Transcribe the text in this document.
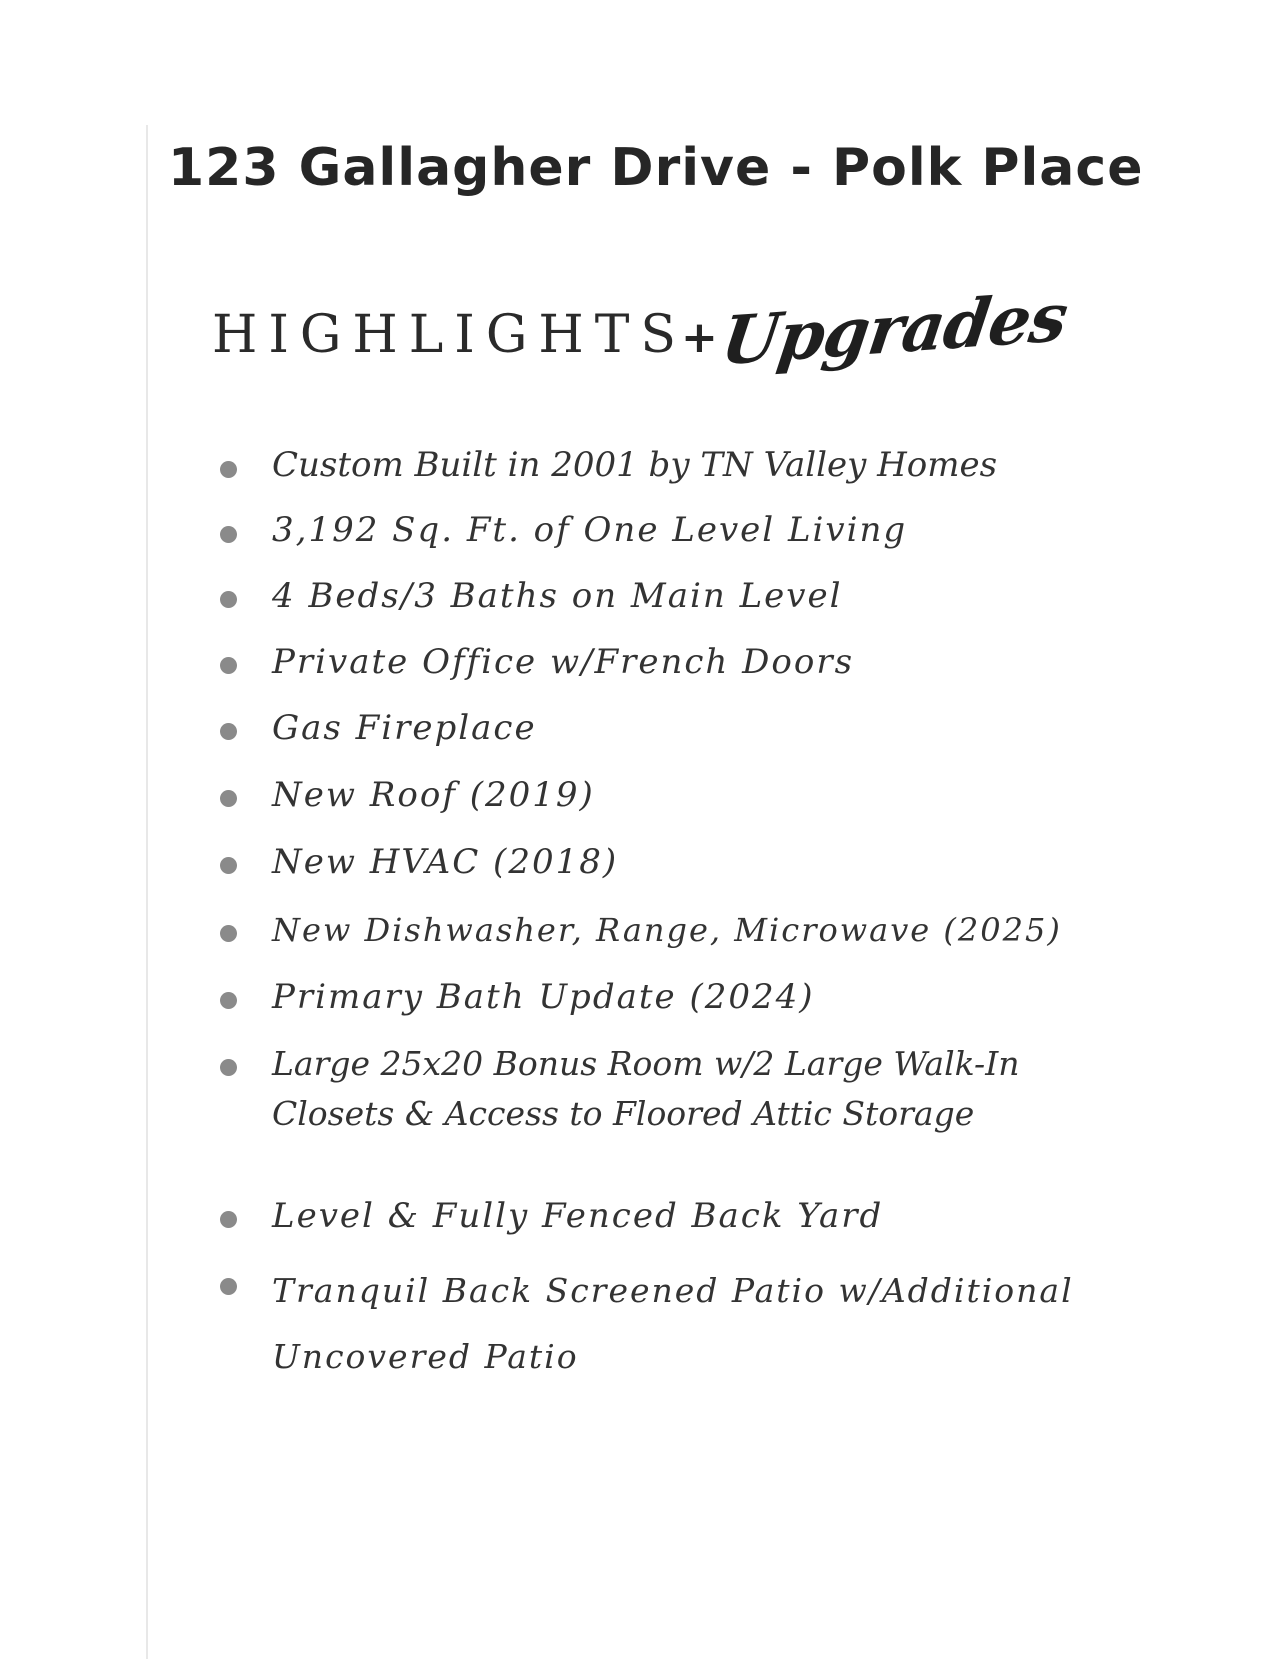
123 Gallagher Drive - Polk Place
HIGHLIGHTS
+
Upgrades
Custom Built in 2001 by TN Valley Homes
3,192 Sq. Ft. of One Level Living
4 Beds/3 Baths on Main Level
Private Office w/French Doors
Gas Fireplace
New Roof (2019)
New HVAC (2018)
New Dishwasher, Range, Microwave (2025)
Primary Bath Update (2024)
Large 25x20 Bonus Room w/2 Large Walk-In Closets & Access to Floored Attic Storage
Level & Fully Fenced Back Yard
Tranquil Back Screened Patio w/Additional Uncovered Patio
